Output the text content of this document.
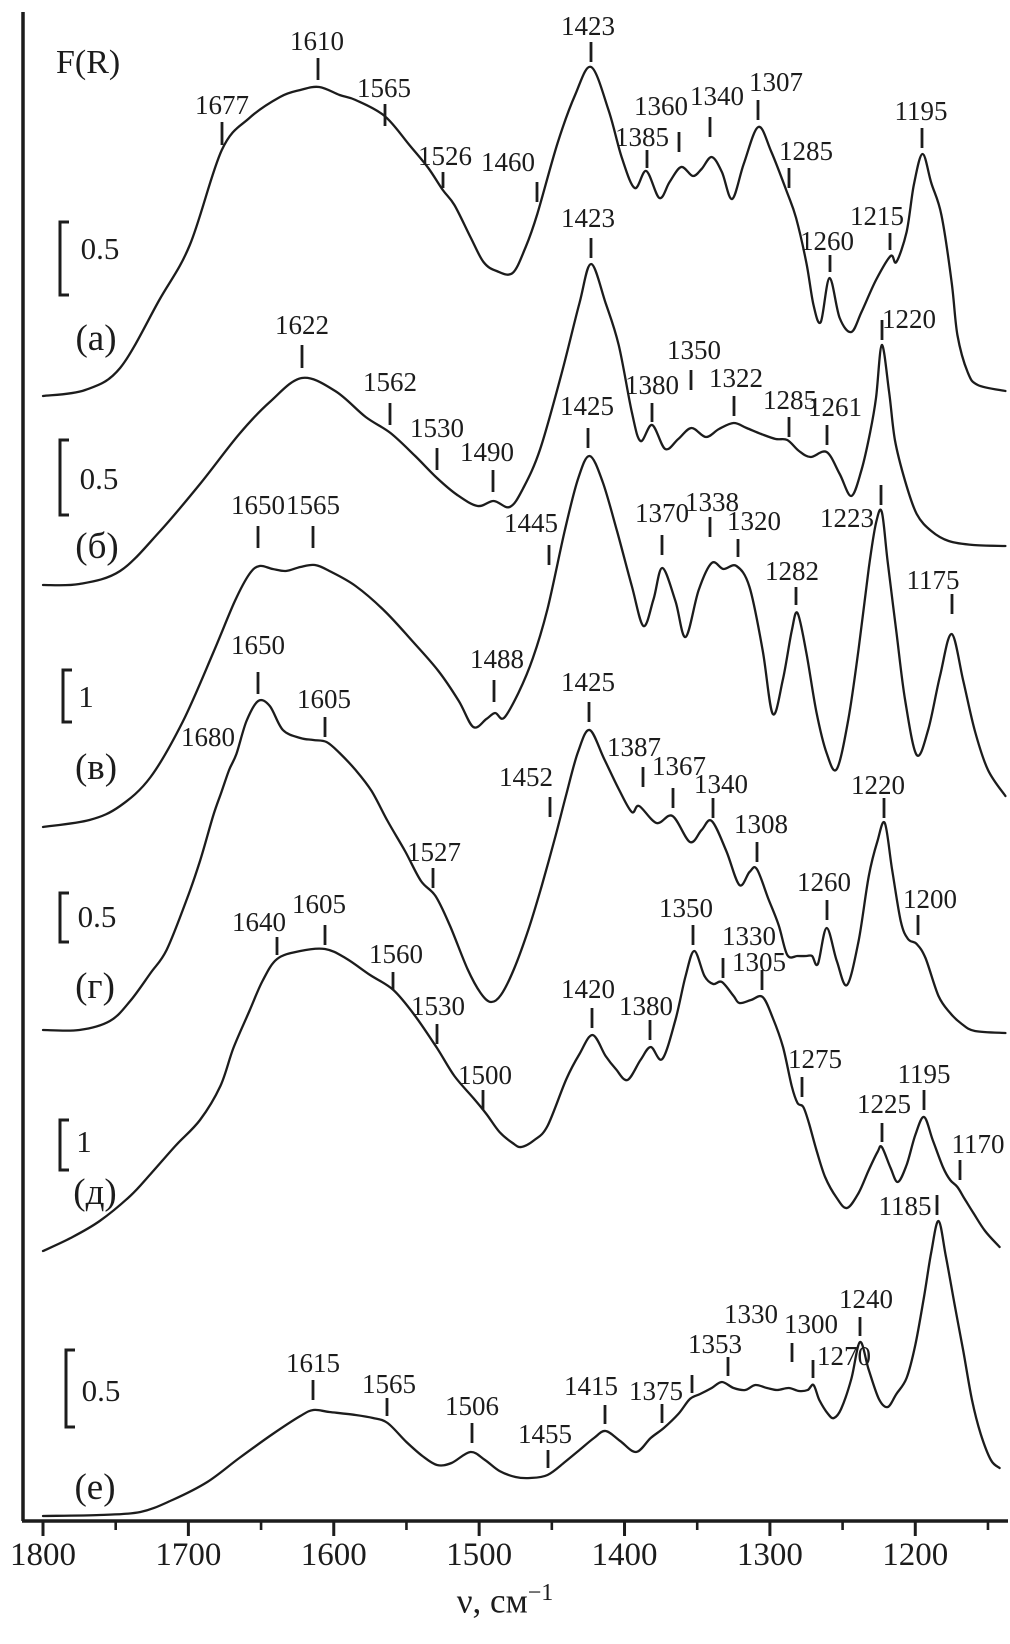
1800 1700 1600 1500 1400 1300 1200
1677
1610
1565
1526 1460
1423
1385
1360 1340 1307
1285
1260
1215
1195
0.5
(а)	1622
1562
1530
1490
1423
1380
1350
1322
1285
1261
1220
0.5
(б)
1650 1565
1488
1445
1425
1370
1338
1320
1282
1223
1175
1
(в)
1680
1650
1605
1527
1452
1425
1387
1367
1340
1308
1260
1220
1200
0.5
(г)
1640
1605
1560
1530
1500
1420
1380
1350
1330
1305
1275
1225
1195
1170
1
(д)
1615
1565
1506
1455
1415 1375
1353
1330 1300
1270
1240
1185
0.5
(е)
F(R)
ν, $см^{-1}$
